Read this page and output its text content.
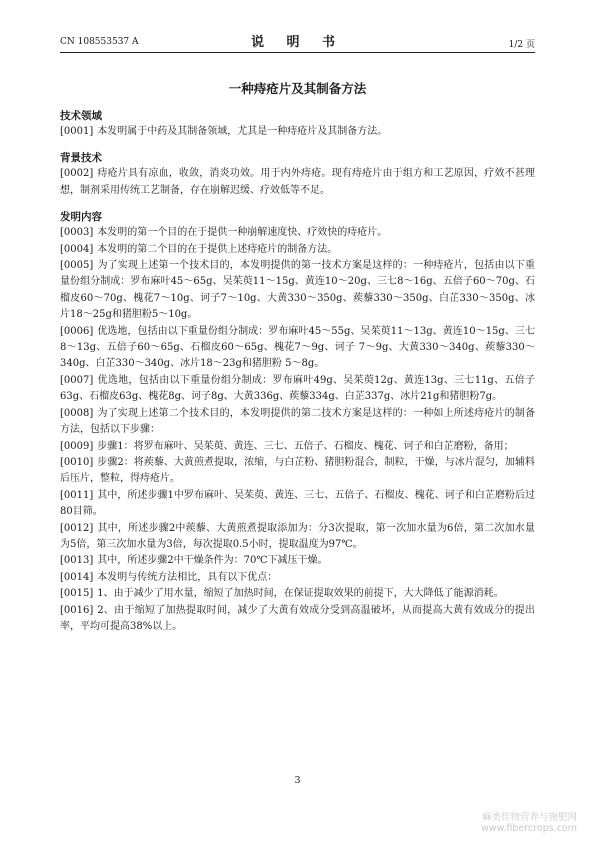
CN 108553537 A	说 明 书	1/2 页
一种痔疮片及其制备方法

技术领域

[0001] 本发明属于中药及其制备领域，尤其是一种痔疮片及其制备方法。

背景技术

[0002] 痔疮片具有凉血，收敛，消炎功效。用于内外痔疮。现有痔疮片由于组方和工艺原因，疗效不甚理想，制剂采用传统工艺制备，存在崩解迟缓、疗效低等不足。

发明内容

[0003] 本发明的第一个目的在于提供一种崩解速度快、疗效快的痔疮片。

[0004] 本发明的第二个目的在于提供上述痔疮片的制备方法。

[0005] 为了实现上述第一个技术目的，本发明提供的第一技术方案是这样的：一种痔疮片，包括由以下重量份组分制成：罗布麻叶45～65g、吴茱萸11～15g、黄连10～20g、三七8～16g、五倍子60～70g、石榴皮60～70g、槐花7～10g、诃子7～10g、大黄330～350g、蒺藜330～350g、白芷330～350g、冰片18～25g和猪胆粉5～10g。

[0006] 优选地，包括由以下重量份组分制成：罗布麻叶45～55g、吴茱萸11～13g、黄连10～15g、三七8～13g、五倍子60～65g、石榴皮60～65g、槐花7～9g、诃子 7～9g、大黄330～340g、蒺藜330～340g、白芷330～340g、冰片18～23g和猪胆粉 5～8g。

[0007] 优选地，包括由以下重量份组分制成：罗布麻叶49g、吴茱萸12g、黄连13g、三七11g、五倍子63g、石榴皮63g、槐花8g、诃子8g、大黄336g、蒺藜334g、白芷337g、冰片21g和猪胆粉7g。

[0008] 为了实现上述第二个技术目的，本发明提供的第二技术方案是这样的：一种如上所述痔疮片的制备方法，包括以下步骤：

[0009] 步骤1：将罗布麻叶、吴茱萸、黄连、三七、五倍子、石榴皮、槐花、诃子和白芷磨粉，备用；

[0010] 步骤2：将蒺藜、大黄煎煮提取，浓缩，与白芷粉、猪胆粉混合，制粒，干燥，与冰片混匀，加辅料后压片，整粒，得痔疮片。

[0011] 其中，所述步骤1中罗布麻叶、吴茱萸、黄连、三七、五倍子、石榴皮、槐花、诃子和白芷磨粉后过80目筛。

[0012] 其中，所述步骤2中蒺藜、大黄煎煮提取添加为：分3次提取，第一次加水量为6倍，第二次加水量为5倍，第三次加水量为3倍，每次提取0.5小时，提取温度为97℃。

[0013] 其中，所述步骤2中干燥条件为：70℃下减压干燥。

[0014] 本发明与传统方法相比，具有以下优点：

[0015] 1、由于减少了用水量，缩短了加热时间，在保证提取效果的前提下，大大降低了能源消耗。

[0016] 2、由于缩短了加热提取时间，减少了大黄有效成分受到高温破坏，从而提高大黄有效成分的提出率，平均可提高38%以上。

3
麻类作物营养与施肥网
www.fibercrops.com
